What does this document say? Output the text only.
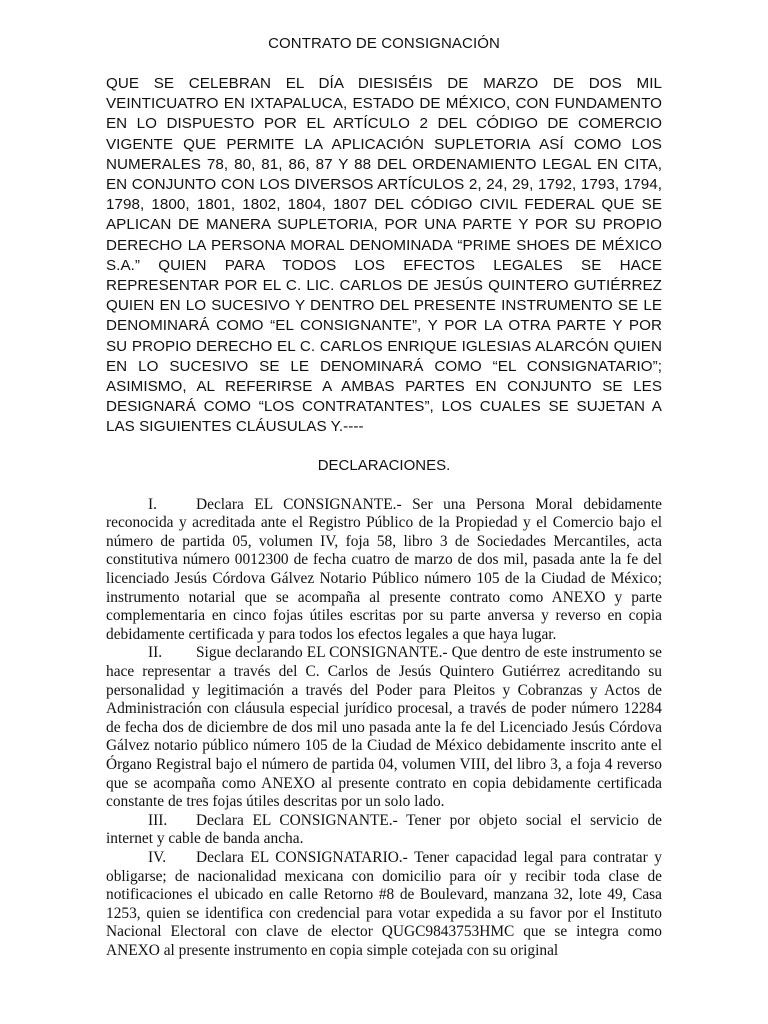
CONTRATO DE CONSIGNACIÓN

QUE SE CELEBRAN EL DÍA DIESISÉIS DE MARZO DE DOS MIL VEINTICUATRO EN IXTAPALUCA, ESTADO DE MÉXICO, CON FUNDAMENTO EN LO DISPUESTO POR EL ARTÍCULO 2 DEL CÓDIGO DE COMERCIO VIGENTE QUE PERMITE LA APLICACIÓN SUPLETORIA ASÍ COMO LOS NUMERALES 78, 80, 81, 86, 87 Y 88 DEL ORDENAMIENTO LEGAL EN CITA, EN CONJUNTO CON LOS DIVERSOS ARTÍCULOS 2, 24, 29, 1792, 1793, 1794, 1798, 1800, 1801, 1802, 1804, 1807 DEL CÓDIGO CIVIL FEDERAL QUE SE APLICAN DE MANERA SUPLETORIA, POR UNA PARTE Y POR SU PROPIO DERECHO LA PERSONA MORAL DENOMINADA “PRIME SHOES DE MÉXICO S.A.” QUIEN PARA TODOS LOS EFECTOS LEGALES SE HACE REPRESENTAR POR EL C. LIC. CARLOS DE JESÚS QUINTERO GUTIÉRREZ QUIEN EN LO SUCESIVO Y DENTRO DEL PRESENTE INSTRUMENTO SE LE DENOMINARÁ COMO “EL CONSIGNANTE”, Y POR LA OTRA PARTE Y POR SU PROPIO DERECHO EL C. CARLOS ENRIQUE IGLESIAS ALARCÓN QUIEN EN LO SUCESIVO SE LE DENOMINARÁ COMO “EL CONSIGNATARIO”; ASIMISMO, AL REFERIRSE A AMBAS PARTES EN CONJUNTO SE LES DESIGNARÁ COMO “LOS CONTRATANTES”, LOS CUALES SE SUJETAN A LAS SIGUIENTES CLÁUSULAS Y.----

DECLARACIONES.

I.	Declara EL CONSIGNANTE.- Ser una Persona Moral debidamente reconocida y acreditada ante el Registro Público de la Propiedad y el Comercio bajo el número de partida 05, volumen IV, foja 58, libro 3 de Sociedades Mercantiles, acta constitutiva número 0012300 de fecha cuatro de marzo de dos mil, pasada ante la fe del licenciado Jesús Córdova Gálvez Notario Público número 105 de la Ciudad de México; instrumento notarial que se acompaña al presente contrato como ANEXO y parte complementaria en cinco fojas útiles escritas por su parte anversa y reverso en copia debidamente certificada y para todos los efectos legales a que haya lugar.

II. Sigue declarando EL CONSIGNANTE.- Que dentro de este instrumento se hace representar a través del C. Carlos de Jesús Quintero Gutiérrez acreditando su personalidad y legitimación a través del Poder para Pleitos y Cobranzas y Actos de Administración con cláusula especial jurídico procesal, a través de poder número 12284 de fecha dos de diciembre de dos mil uno pasada ante la fe del Licenciado Jesús Córdova Gálvez notario público número 105 de la Ciudad de México debidamente inscrito ante el Órgano Registral bajo el número de partida 04, volumen VIII, del libro 3, a foja 4 reverso que se acompaña como ANEXO al presente contrato en copia debidamente certificada constante de tres fojas útiles descritas por un solo lado.

III. Declara EL CONSIGNANTE.- Tener por objeto social el servicio de internet y cable de banda ancha.

IV. Declara EL CONSIGNATARIO.- Tener capacidad legal para contratar y obligarse; de nacionalidad mexicana con domicilio para oír y recibir toda clase de notificaciones el ubicado en calle Retorno #8 de Boulevard, manzana 32, lote 49, Casa 1253, quien se identifica con credencial para votar expedida a su favor por el Instituto Nacional Electoral con clave de elector QUGC9843753HMC que se integra como ANEXO al presente instrumento en copia simple cotejada con su original
